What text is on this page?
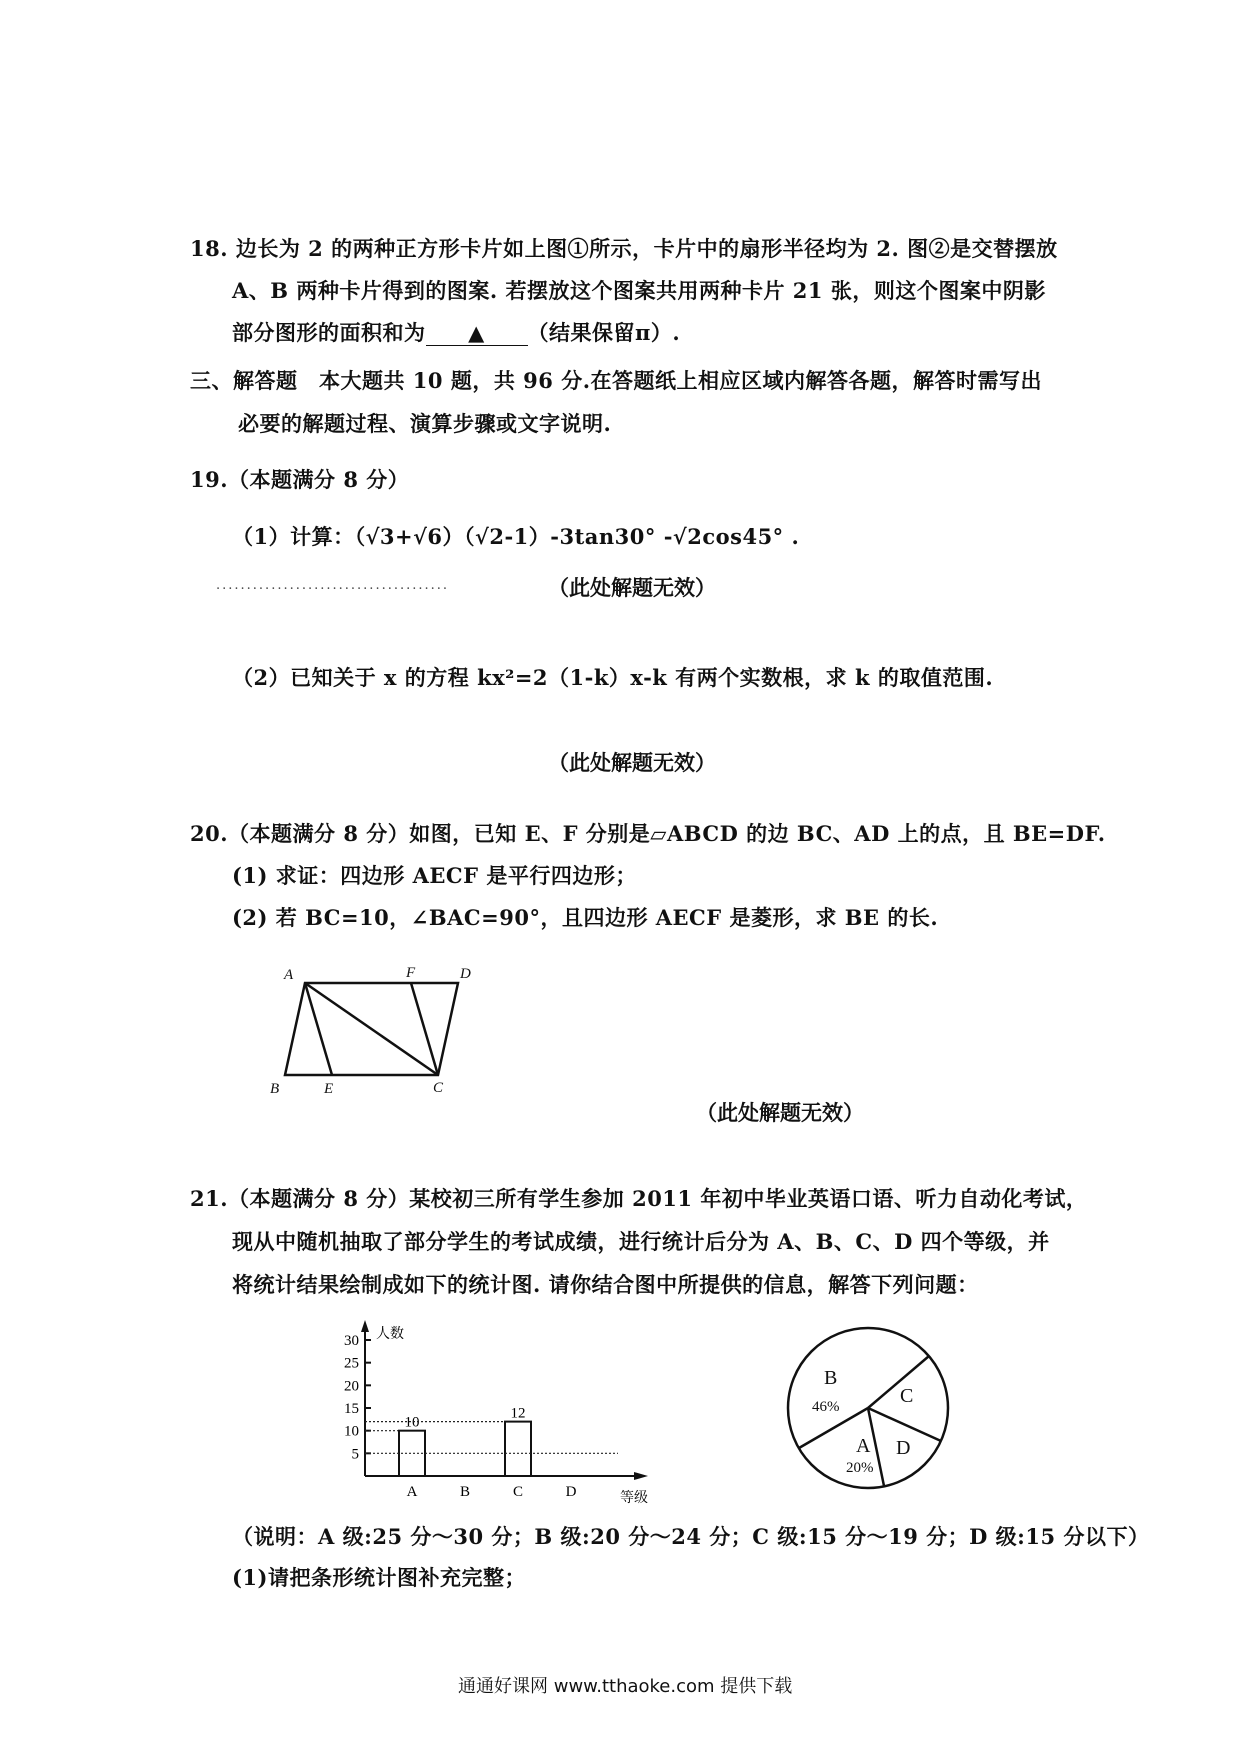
18. 边长为 2 的两种正方形卡片如上图①所示，卡片中的扇形半径均为 2. 图②是交替摆放
A、B 两种卡片得到的图案. 若摆放这个图案共用两种卡片 21 张，则这个图案中阴影
部分图形的面积和为 ▲ （结果保留π）.
三、解答题　本大题共 10 题，共 96 分.在答题纸上相应区域内解答各题，解答时需写出
必要的解题过程、演算步骤或文字说明.
19.（本题满分 8 分）
（1）计算：（√3+√6）（√2-1）-3tan30° -√2cos45° .
......................................	（此处解题无效）
（2）已知关于 x 的方程 kx²=2（1-k）x-k 有两个实数根，求 k 的取值范围.
（此处解题无效）
20.（本题满分 8 分）如图，已知 E、F 分别是▱ABCD 的边 BC、AD 上的点，且 BE=DF.
(1) 求证：四边形 AECF 是平行四边形；
(2) 若 BC=10，∠BAC=90°，且四边形 AECF 是菱形，求 BE 的长.
A	F	D
B	E	C
（此处解题无效）
21.（本题满分 8 分）某校初三所有学生参加 2011 年初中毕业英语口语、听力自动化考试，
现从中随机抽取了部分学生的考试成绩，进行统计后分为 A、B、C、D 四个等级，并
将统计结果绘制成如下的统计图. 请你结合图中所提供的信息，解答下列问题：
人数
等级
5
10
15
20
25
30
10
12
A	B	C	D
B
46%	C
A
20%
D
（说明：A 级:25 分～30 分；B 级:20 分～24 分；C 级:15 分～19 分；D 级:15 分以下）
(1)请把条形统计图补充完整；
通通好课网 www.tthaoke.com 提供下载
